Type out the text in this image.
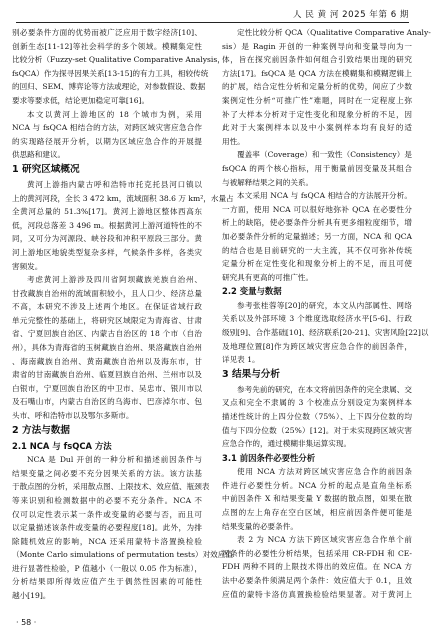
人 民 黄 河 2025 年第 6 期
别必要条件方面的优势而被广泛应用于数字经济[10]、
创新生态[11-12]等社会科学的多个领域。模糊集定性
比较分析（Fuzzy-set Qualitative Comparative Analysis，
fsQCA）作为探寻因果关系[13-15]的有力工具，相较传统
的回归、SEM、博弈论等方法或理论，对参数假设、数据
要求等要求低，结论更加稳定可靠[16]。
本文以黄河上游地区的 18 个城市为例，采用
NCA 与 fsQCA 相结合的方法，对跨区域灾害应急合作
的实现路径展开分析，以期为区域应急合作的开展提
供思路和建议。
1 研究区域概况
黄河上游指内蒙古呼和浩特市托克托县河口镇以
上的黄河河段，全长 3 472 km，流域面积 38.6 万 km²，水量占
全黄河总量的 51.3%[17]。黄河上游地区整体西高东
低，河段总落差 3 496 m。根据黄河上游河道特性的不
同，又可分为河源段、峡谷段和冲积平原段三部分。黄
河上游地区地貌类型复杂多样，气候条件多样，各类灾
害频发。
考虑黄河上游涉及四川省阿坝藏族羌族自治州、
甘孜藏族自治州的流域面积较小，且人口少、经济总量
不高，本研究不涉及上述两个地区。在保证省域行政
单元完整性的基础上，将研究区域限定为青海省、甘肃
省、宁夏回族自治区、内蒙古自治区的 18 个市（自治
州），具体为青海省的玉树藏族自治州、果洛藏族自治州
、海南藏族自治州、黄南藏族自治州以及海东市，甘
肃省的甘南藏族自治州、临夏回族自治州、兰州市以及
白银市，宁夏回族自治区的中卫市、吴忠市、银川市以
及石嘴山市，内蒙古自治区的乌海市、巴彦淖尔市、包
头市、呼和浩特市以及鄂尔多斯市。
2 方法与数据
2.1 NCA 与 fsQCA 方法
NCA 是 Dul 开创的一种分析和描述前因条件与
结果变量之间必要不充分因果关系的方法。该方法基
于散点图的分析，采用散点图、上限技术、效应值、瓶颈表
等来识别和检测数据中的必要不充分条件。NCA 不
仅可以定性表示某一条件或变量的必要与否，而且可
以定量描述该条件或变量的必要程度[18]。此外，为排
除随机效应的影响，NCA 还采用蒙特卡洛置换检验
（Monte Carlo simulations of permutation tests）对效应值
进行显著性检验，P 值越小（一般以 0.05 作为标准），
分析结果即所得效应值产生于偶然性因素的可能性
越小[19]。
定性比较分析 QCA（Qualitative Comparative Analy-
sis）是 Ragin 开创的一种案例导向和变量导向为一
体，旨在探究前因条件如何组合引致结果出现的研究
方法[17]。fsQCA 是 QCA 方法在模糊集和模糊逻辑上
的扩展，结合定性分析和定量分析的优势，间应了少数
案例定性分析“可推广性”难题，同时在一定程度上弥
补了大样本分析对于定性变化和现象分析的不足，因
此对于大案例样本以及中小案例样本均有良好的适
用性。
覆盖率（Coverage）和一致性（Consistency）是
fsQCA 的两个核心指标，用于衡量前因变量及其组合
与被解释结果之间的关系。
本文采用 NCA 与 fsQCA 相结合的方法展开分析。
一方面，使用 NCA 可以很好地弥补 QCA 在必要性分
析上的缺陷，使必要条件分析具有更多细粒度细节，增
加必要条件分析的定量描述；另一方面，NCA 和 QCA
的结合也是目前研究的一大主流，其不仅可弥补传统
定量分析在定性变化和现象分析上的不足，而且可使
研究具有更高的可推广性。
2.2 变量与数据
参考张桂蓉等[20]的研究，本文从内部属性、网络
关系以及外部环境 3 个维度选取经济水平[5-6]、行政
级别[9]、合作基础[10]、经济联系[20-21]、灾害风险[22]以
及地理位置[8]作为跨区域灾害应急合作的前因条件，
详见表 1。
3 结果与分析
参考先前的研究，在本文将前因条件的完全隶属、交
叉点和完全不隶属的 3 个校准点分别设定为案例样本
描述性统计的上四分位数（75%）、上下四分位数的均
值与下四分位数（25%）[12]。对于未实现跨区域灾害
应急合作的，通过模糊非集运算实现。
3.1 前因条件必要性分析
使用 NCA 方法对跨区域灾害应急合作的前因条
件进行必要性分析。NCA 分析的起点是直角坐标系
中前因条件 X 和结果变量 Y 数据的散点图，如果在散
点图的左上角存在空白区域，相应前因条件便可能是
结果变量的必要条件。
表 2 为 NCA 方法下跨区域灾害应急合作单个前
因条件的必要性分析结果，包括采用 CR-FDH 和 CE-
FDH 两种不同的上限技术得出的效应值。在 NCA 方
法中必要条件须满足两个条件：效应值大于 0.1，且效
应值的蒙特卡洛仿真置换检验结果显著。对于黄河上
· 58 ·
